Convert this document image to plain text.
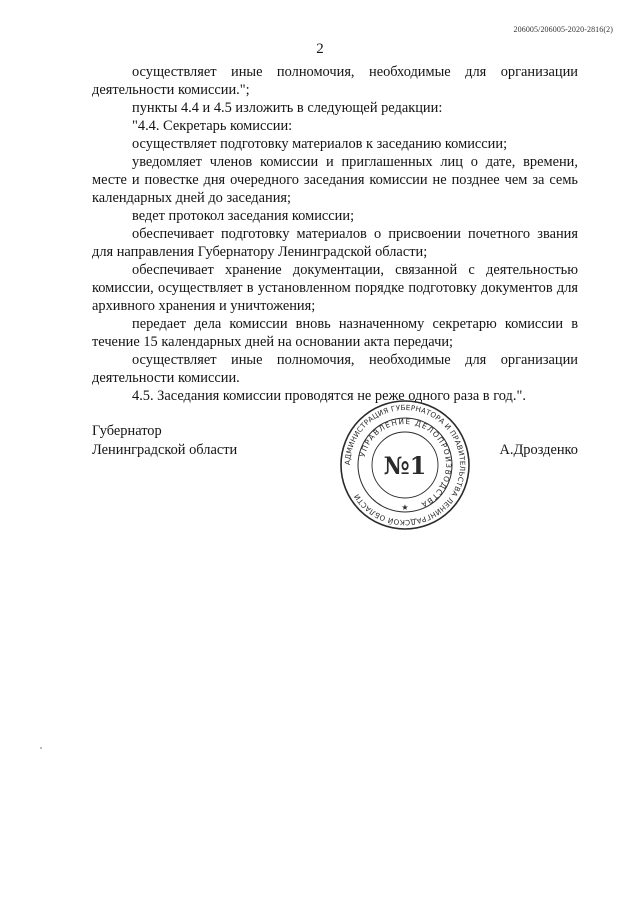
206005/206005-2020-2816(2)
2

осуществляет иные полномочия, необходимые для организации деятельности комиссии.";

пункты 4.4 и 4.5 изложить в следующей редакции:

"4.4. Секретарь комиссии:

осуществляет подготовку материалов к заседанию комиссии;

уведомляет членов комиссии и приглашенных лиц о дате, времени, месте и повестке дня очередного заседания комиссии не позднее чем за семь календарных дней до заседания;

ведет протокол заседания комиссии;

обеспечивает подготовку материалов о присвоении почетного звания для направления Губернатору Ленинградской области;

обеспечивает хранение документации, связанной с деятельностью комиссии, осуществляет в установленном порядке подготовку документов для архивного хранения и уничтожения;

передает дела комиссии вновь назначенному секретарю комиссии в течение 15 календарных дней на основании акта передачи;

осуществляет иные полномочия, необходимые для организации деятельности комиссии.

4.5. Заседания комиссии проводятся не реже одного раза в год.".

Губернатор
Ленинградской области
АДМИНИСТРАЦИЯ ГУБЕРНАТОРА И ПРАВИТЕЛЬСТВА ЛЕНИНГРАДСКОЙ ОБЛАСТИ
УПРАВЛЕНИЕ ДЕЛОПРОИЗВОДСТВА
№1
★
А.Дрозденко
